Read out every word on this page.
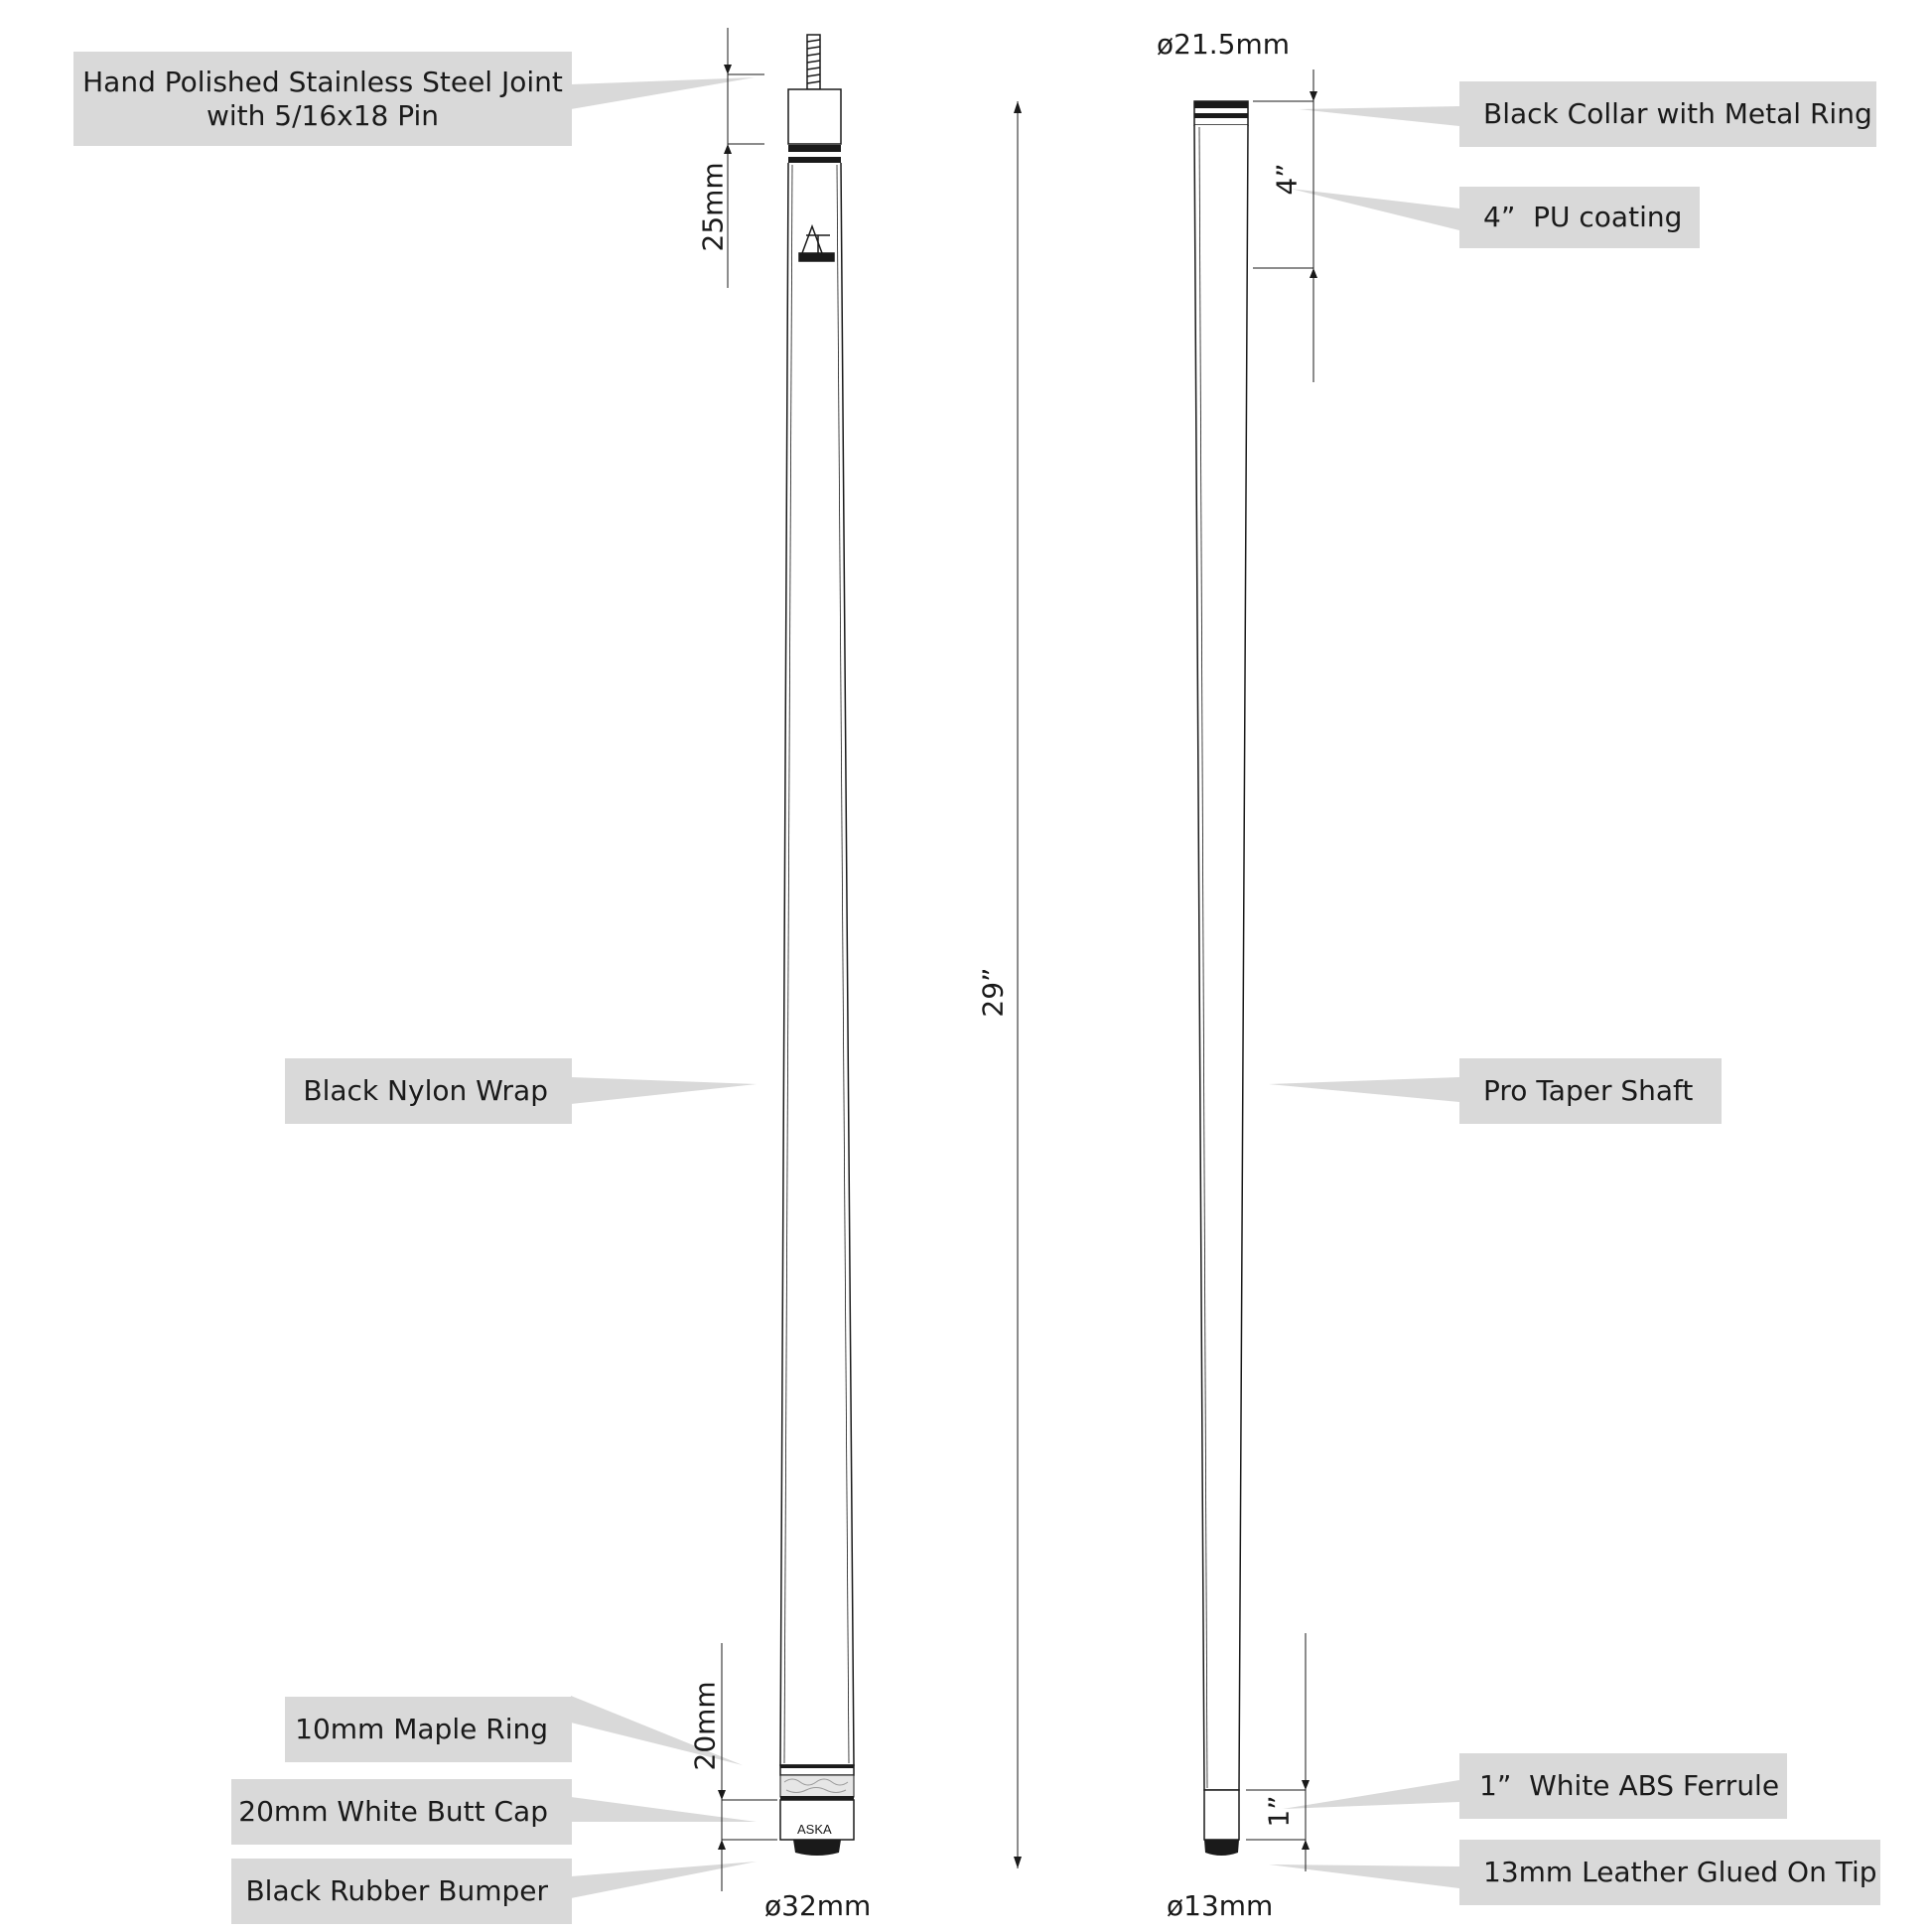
ASKA
Hand Polished Stainless Steel Joint
with 5/16x18 Pin
Black Nylon Wrap
10mm Maple Ring
20mm White Butt Cap
Black Rubber Bumper
Black Collar with Metal Ring
4”  PU coating
Pro Taper Shaft
1”  White ABS Ferrule
13mm Leather Glued On Tip
25mm
29”
20mm
ø32mm
ø21.5mm
4”
1”
ø13mm
